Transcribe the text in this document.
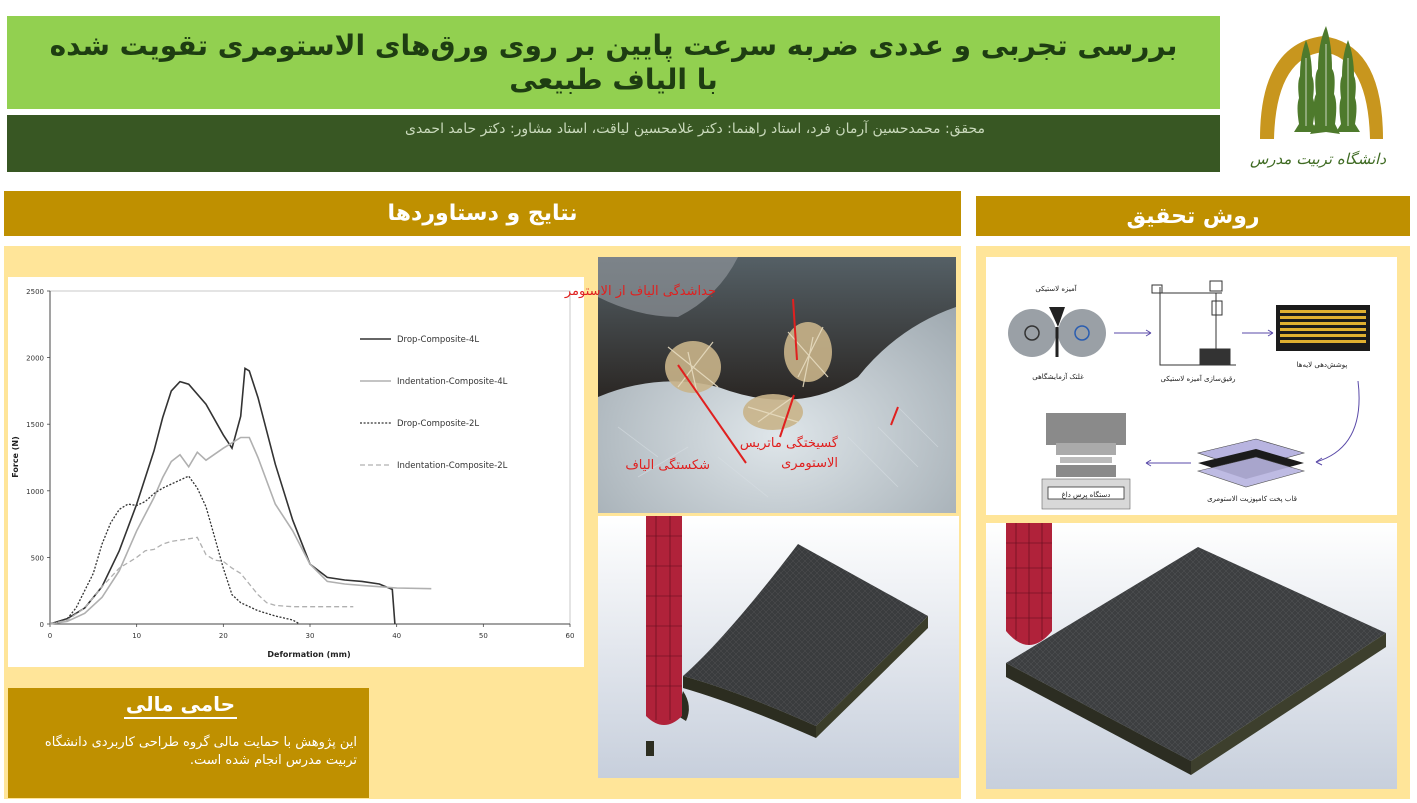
بررسی تجربی و عددی ضربه سرعت پایین بر روی ورق‌های الاستومری تقویت شده با الیاف طبیعی
محقق: محمدحسین آرمان فرد، استاد راهنما: دکتر غلامحسین لیاقت، استاد مشاور: دکتر حامد احمدی
دانشگاه تربیت مدرس
نتایج و دستاوردها	روش تحقیق
0	10	20	30	40	50	60
0
500
1000
1500
2000
2500
Drop-Composite-4L
Indentation-Composite-4L
Drop-Composite-2L
Indentation-Composite-2L
Deformation (mm)
Force (N)
جداشدگی الیاف از الاستومر
شکستگی الیاف
گسیختگی ماتریس
الاستومری
آمیزه لاستیکی
غلتک آزمایشگاهی	رقیق‌سازی آمیزه لاستیکی
پوشش‌دهی لایه‌ها
قاب پخت کامپوزیت الاستومری
دستگاه پرس داغ
حامی مالی
این پژوهش با حمایت مالی گروه طراحی کاربردی دانشگاه تربیت مدرس انجام شده است.
